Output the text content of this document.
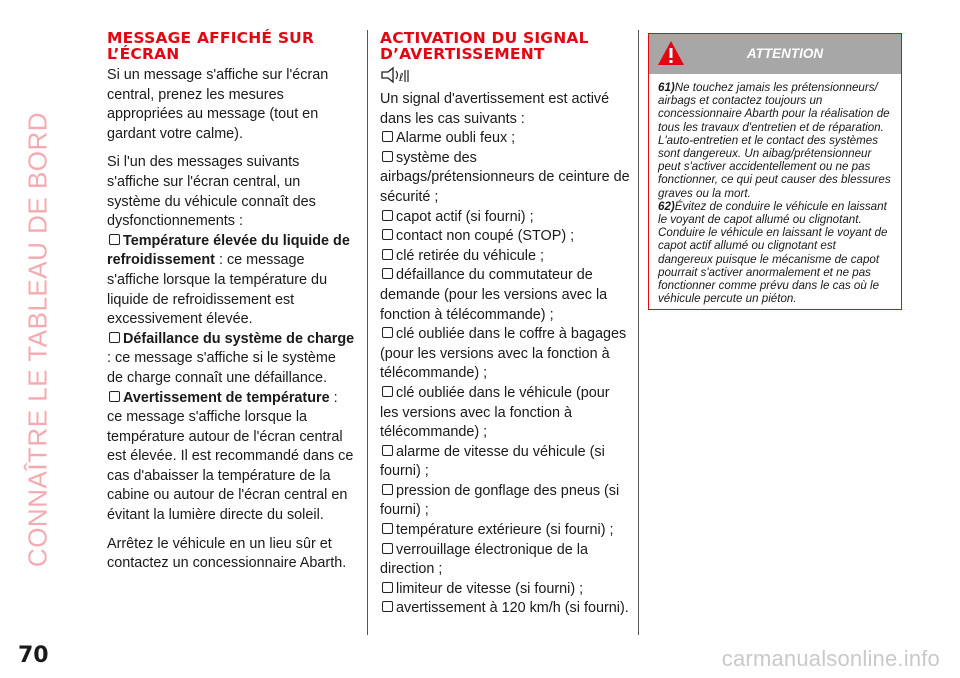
CONNAÎTRE LE TABLEAU DE BORD
MESSAGE AFFICHÉ SUR L’ÉCRAN

Si un message s'affiche sur l'écran central, prenez les mesures appropriées au message (tout en gardant votre calme).

Si l'un des messages suivants s'affiche sur l'écran central, un système du véhicule connaît des dysfonctionnements :

Température élevée du liquide de refroidissement : ce message s'affiche lorsque la température du liquide de refroidissement est excessivement élevée.
Défaillance du système de charge : ce message s'affiche si le système de charge connaît une défaillance.
Avertissement de température : ce message s'affiche lorsque la température autour de l'écran central est élevée. Il est recommandé dans ce cas d'abaisser la température de la cabine ou autour de l'écran central en évitant la lumière directe du soleil.

Arrêtez le véhicule en un lieu sûr et contactez un concessionnaire Abarth.

ACTIVATION DU SIGNAL D’AVERTISSEMENT
ℓ

Un signal d'avertissement est activé dans les cas suivants :

Alarme oubli feux ;
système des airbags/prétensionneurs de ceinture de sécurité ;
capot actif (si fourni) ;
contact non coupé (STOP) ;
clé retirée du véhicule ;
défaillance du commutateur de demande (pour les versions avec la fonction à télécommande) ;
clé oubliée dans le coffre à bagages (pour les versions avec la fonction à télécommande) ;
clé oubliée dans le véhicule (pour les versions avec la fonction à télécommande) ;
alarme de vitesse du véhicule (si fourni) ;
pression de gonflage des pneus (si fourni) ;
température extérieure (si fourni) ;
verrouillage électronique de la direction ;
limiteur de vitesse (si fourni) ;
avertissement à 120 km/h (si fourni).
ATTENTION
61)Ne touchez jamais les prétensionneurs/ airbags et contactez toujours un concessionnaire Abarth pour la réalisation de tous les travaux d'entretien et de réparation. L'auto-entretien et le contact des systèmes sont dangereux. Un aibag/prétensionneur peut s'activer accidentellement ou ne pas fonctionner, ce qui peut causer des blessures graves ou la mort.
62)Évitez de conduire le véhicule en laissant le voyant de capot allumé ou clignotant. Conduire le véhicule en laissant le voyant de capot actif allumé ou clignotant est dangereux puisque le mécanisme de capot pourrait s'activer anormalement et ne pas fonctionner comme prévu dans le cas où le véhicule percute un piéton.
70	carmanualsonline.info
